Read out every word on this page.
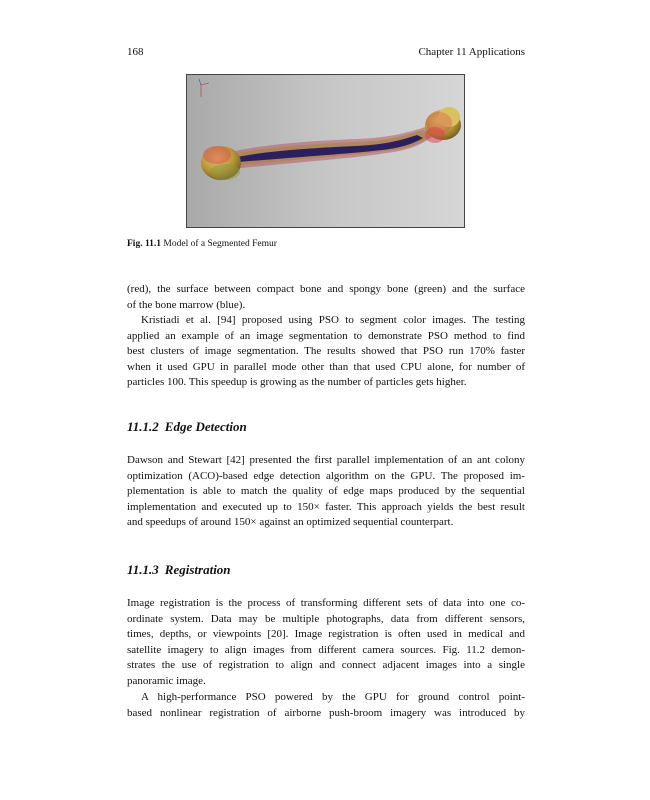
168	Chapter 11 Applications
Fig. 11.1 Model of a Segmented Femur
(red), the surface between compact bone and spongy bone (green) and the surface
of the bone marrow (blue).
Kristiadi et al. [94] proposed using PSO to segment color images. The testing
applied an example of an image segmentation to demonstrate PSO method to find
best clusters of image segmentation. The results showed that PSO run 170% faster
when it used GPU in parallel mode other than that used CPU alone, for number of
particles 100. This speedup is growing as the number of particles gets higher.
11.1.2 Edge Detection
Dawson and Stewart [42] presented the first parallel implementation of an ant colony
optimization (ACO)-based edge detection algorithm on the GPU. The proposed im-
plementation is able to match the quality of edge maps produced by the sequential
implementation and executed up to 150× faster. This approach yields the best result
and speedups of around 150× against an optimized sequential counterpart.
11.1.3 Registration
Image registration is the process of transforming different sets of data into one co-
ordinate system. Data may be multiple photographs, data from different sensors,
times, depths, or viewpoints [20]. Image registration is often used in medical and
satellite imagery to align images from different camera sources. Fig. 11.2 demon-
strates the use of registration to align and connect adjacent images into a single
panoramic image.
A high-performance PSO powered by the GPU for ground control point-
based nonlinear registration of airborne push-broom imagery was introduced by
